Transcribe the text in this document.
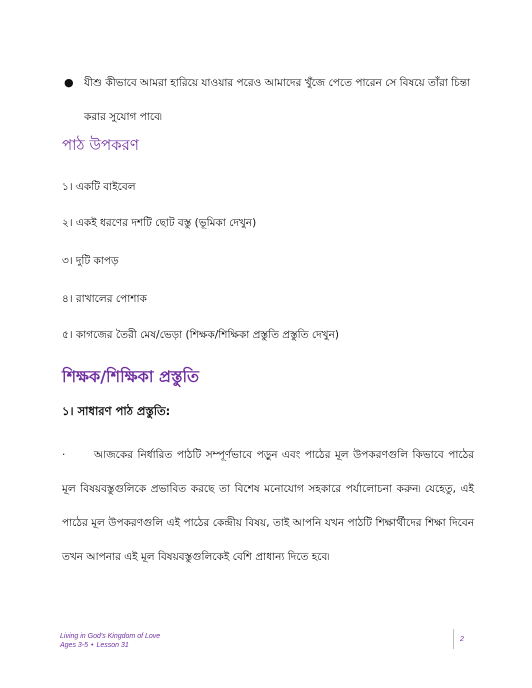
● যীশু কীভাবে আমরা হারিয়ে যাওয়ার পরেও আমাদের খুঁজে পেতে পারেন সে বিষয়ে তাঁরা চিন্তা করার সুযোগ পাবে৷
পাঠ উপকরণ
১। একটি বাইবেল
২। একই ধরণের দশটি ছোট বস্তু (ভূমিকা দেখুন)
৩। দুটি কাপড়
৪। রাখালের পোশাক
৫। কাগজের তৈরী মেষ/ভেড়া (শিক্ষক/শিক্ষিকা প্রস্তুতি প্রস্তুতি দেখুন)
শিক্ষক/শিক্ষিকা প্রস্তুতি
১। সাধারণ পাঠ প্রস্তুতি:
·	আজকের নির্ধারিত পাঠটি সম্পূর্ণভাবে পড়ুন এবং পাঠের মূল উপকরণগুলি কিভাবে পাঠের মূল বিষয়বস্তুগুলিকে প্রভাবিত করছে তা বিশেষ মনোযোগ সহকারে পর্যালোচনা করুন৷ যেহেতু, এই পাঠের মূল উপকরণগুলি এই পাঠের কেন্দ্রীয় বিষয়, তাই আপনি যখন পাঠটি শিক্ষার্থীদের শিক্ষা দিবেন তখন আপনার এই মূল বিষয়বস্তুগুলিকেই বেশি প্রাধান্য দিতে হবে৷
Living in God's Kingdom of Love
Ages 3-5 • Lesson 31
2
